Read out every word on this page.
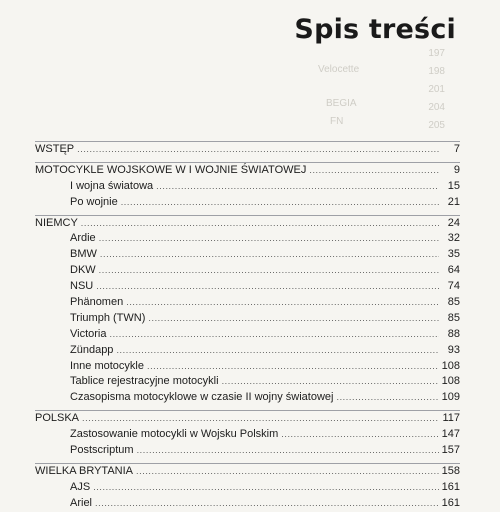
197
198
201
204
205
Velocette
BEGIA
FN
Spis treści
WSTĘP .....	7
MOTOCYKLE WOJSKOWE W I WOJNIE ŚWIATOWEJ .....	9
I wojna światowa .....	15
Po wojnie .....	21
NIEMCY .....	24
Ardie .....	32
BMW .....	35
DKW .....	64
NSU .....	74
Phänomen .....	85
Triumph (TWN) .....	85
Victoria .....	88
Zündapp .....	93
Inne motocykle .....	108
Tablice rejestracyjne motocykli .....	108
Czasopisma motocyklowe w czasie II wojny światowej .....	109
POLSKA .....	117
Zastosowanie motocykli w Wojsku Polskim .....	147
Postscriptum .....	157
WIELKA BRYTANIA .....	158
AJS .....	161
Ariel .....	161
